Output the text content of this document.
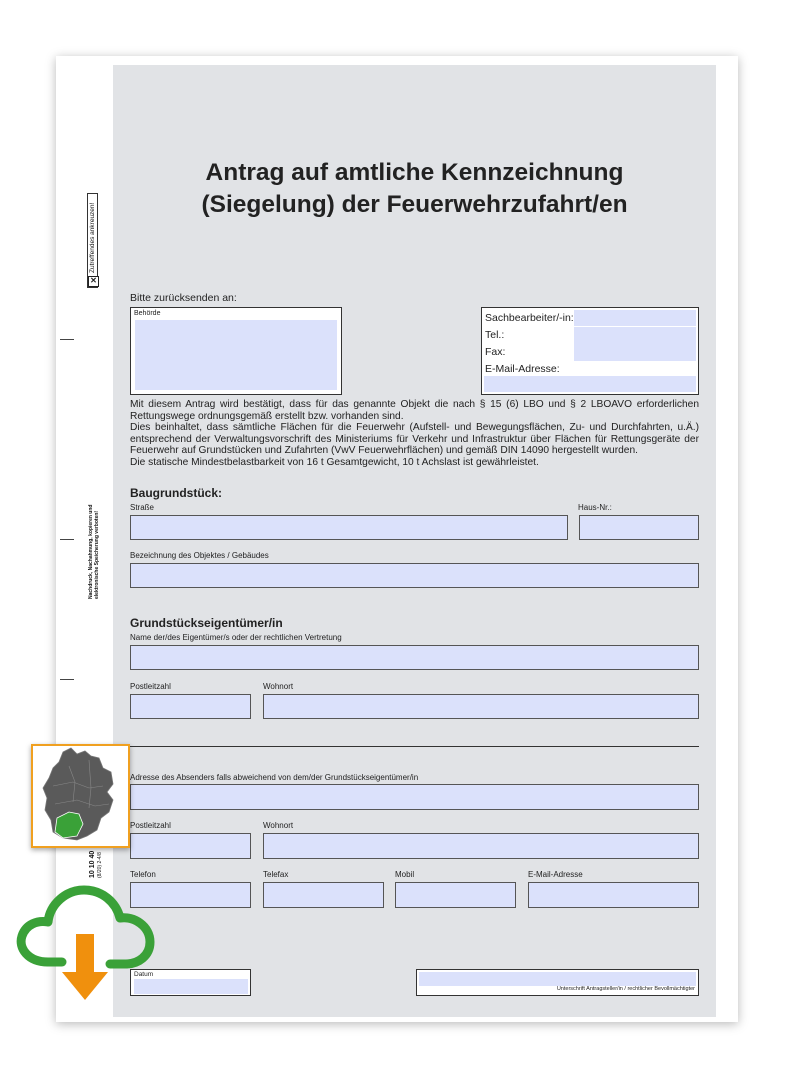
Zutreffendes ankreuzen!
✕
Nachdruck, Nachahmung, kopieren und elektronische Speicherung verboten!
10 10 40 (8/20) 2-4/8
Antrag auf amtliche Kennzeichnung
(Siegelung) der Feuerwehrzufahrt/en
Bitte zurücksenden an:
Behörde	Sachbearbeiter/-in:
Tel.:
Fax:
E-Mail-Adresse:
Mit diesem Antrag wird bestätigt, dass für das genannte Objekt die nach § 15 (6) LBO und § 2 LBOAVO erforderlichen
Rettungswege ordnungsgemäß erstellt bzw. vorhanden sind.
Dies beinhaltet, dass sämtliche Flächen für die Feuerwehr (Aufstell- und Bewegungsflächen, Zu- und Durchfahrten, u.Ä.)
entsprechend der Verwaltungsvorschrift des Ministeriums für Verkehr und Infrastruktur über Flächen für Rettungsgeräte der
Feuerwehr auf Grundstücken und Zufahrten (VwV Feuerwehrflächen) und gemäß DIN 14090 hergestellt wurden.
Die statische Mindestbelastbarkeit von 16 t Gesamtgewicht, 10 t Achslast ist gewährleistet.
Baugrundstück:
Straße	Haus-Nr.:
Bezeichnung des Objektes / Gebäudes
Grundstückseigentümer/in
Name der/des Eigentümer/s oder der rechtlichen Vertretung
Postleitzahl	Wohnort
Adresse des Absenders falls abweichend von dem/der Grundstückseigentümer/in
Postleitzahl	Wohnort
Telefon	Telefax	Mobil	E-Mail-Adresse
Datum
Unterschrift Antragsteller/in / rechtlicher Bevollmächtigter
